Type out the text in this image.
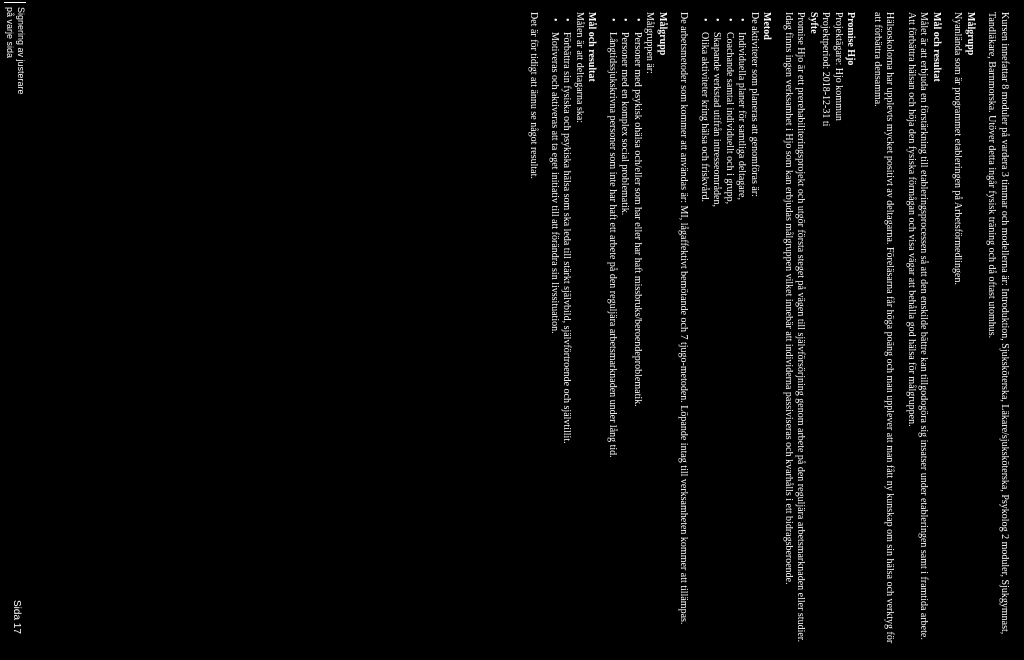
Kursen innefattar 8 moduler på vardera 3 timmar och modellerna är: Introduktion, Sjuksköterska, Läkare/sjuksköterska, Psykolog 2 moduler, Sjukgymnast, Tandläkare, Barnmorska. Utöver detta ingår fysisk träning och då oftast utomhus.

Målgrupp

Nyanlända som är programmet etableringen på Arbetsförmedlingen.

Mål och resultat

Målet är att erbjuda en förstärkning till etableringsprocessen så att den enskilde bättre kan tillgodogöra sig insatser under etableringen samt i framtida arbete. Att förbättra hälsan och höja den fysiska förmågan och visa vägar att behålla god hälsa för målgruppen.

Hälsoskolorna har upplevts mycket positivt av deltagarna. Föreläsarna får höga poäng och man upplever att man fått ny kunskap om sin hälsa och verktyg för att förbättra densamma.

Promise Hjo

Projektägare: Hjo kommun

Projektperiod: 2018-12-31 ti

Syfte

Promise Hjo är ett prerehabiliteringsprojekt och utgör första steget på vägen till självförsörjning genom arbete på den reguljära arbetsmarknaden eller studier. Idag finns ingen verksamhet i Hjo som kan erbjudas målgruppen vilket innebär att individerna passiviseras och kvarhålls i ett bidragsberoende.

Metod

De aktiviteter som planeras att genomföras är:

• Individuella planer för samtliga deltagare,
• Coachande samtal individuellt och i grupp,
• Skapande verkstad utifrån intresseområden,
• Olika aktiviteter kring hälsa och friskvård.

De arbetsmetoder som kommer att användas är: MI, lågaffektivt bemötande och 7 tjugo-metoden. Löpande intag till verksamheten kommer att tillämpas.

Målgrupp

Målgruppen är:

• Personer med psykisk ohälsa och/eller som har eller har haft missbruks/beroendeproblematik.
• Personer med en komplex social problematik.
• Långtidssjukskrivna personer som inte har haft ett arbete på den reguljära arbetsmarknaden under lång tid.

Mål och resultat

Målen är att deltagarna ska:

• Förbättra sin fysiska och psykiska hälsa som ska leda till stärkt självbild, självförtroende och självtillit.
• Motiveras och aktiveras att ta eget initiativ till att förändra sin livssituation.

Det är för tidigt att ännu se något resultat.

Signering av justerare
på varje sida
Sida 17
